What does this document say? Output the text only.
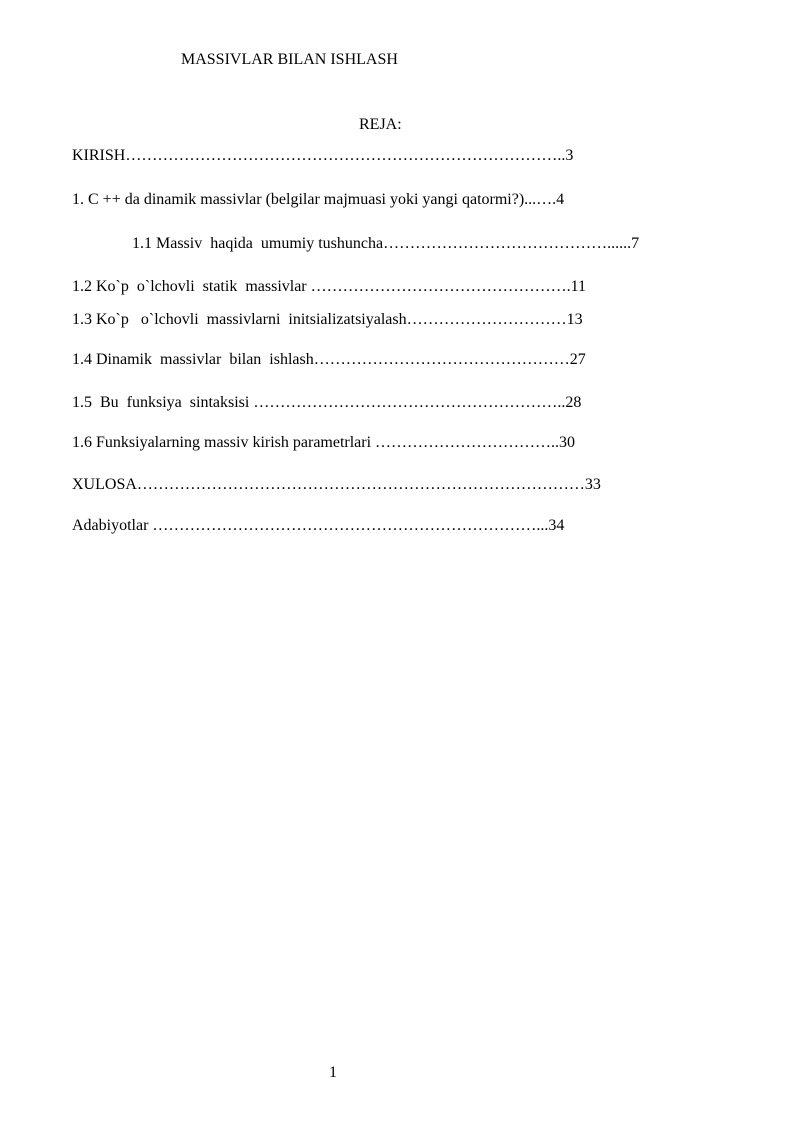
MASSIVLAR BILAN ISHLASH
REJA:
KIRISH………………………………………………………………………..3
1. C ++ da dinamik massivlar (belgilar majmuasi yoki yangi qatormi?)...….4
1.1 Massiv  haqida  umumiy tushuncha……………………………………......7
1.2 Ko`p  o`lchovli  statik  massivlar ………………………………………….11
1.3 Ko`p   o`lchovli  massivlarni  initsializatsiyalash…………………………13
1.4 Dinamik  massivlar  bilan  ishlash…………………………………………27
1.5  Bu  funksiya  sintaksisi …………………………………………………..28
1.6 Funksiyalarning massiv kirish parametrlari ……………………………..30
XULOSA…………………………………………………………………………33
Adabiyotlar ………………………………………………………………...34
1
